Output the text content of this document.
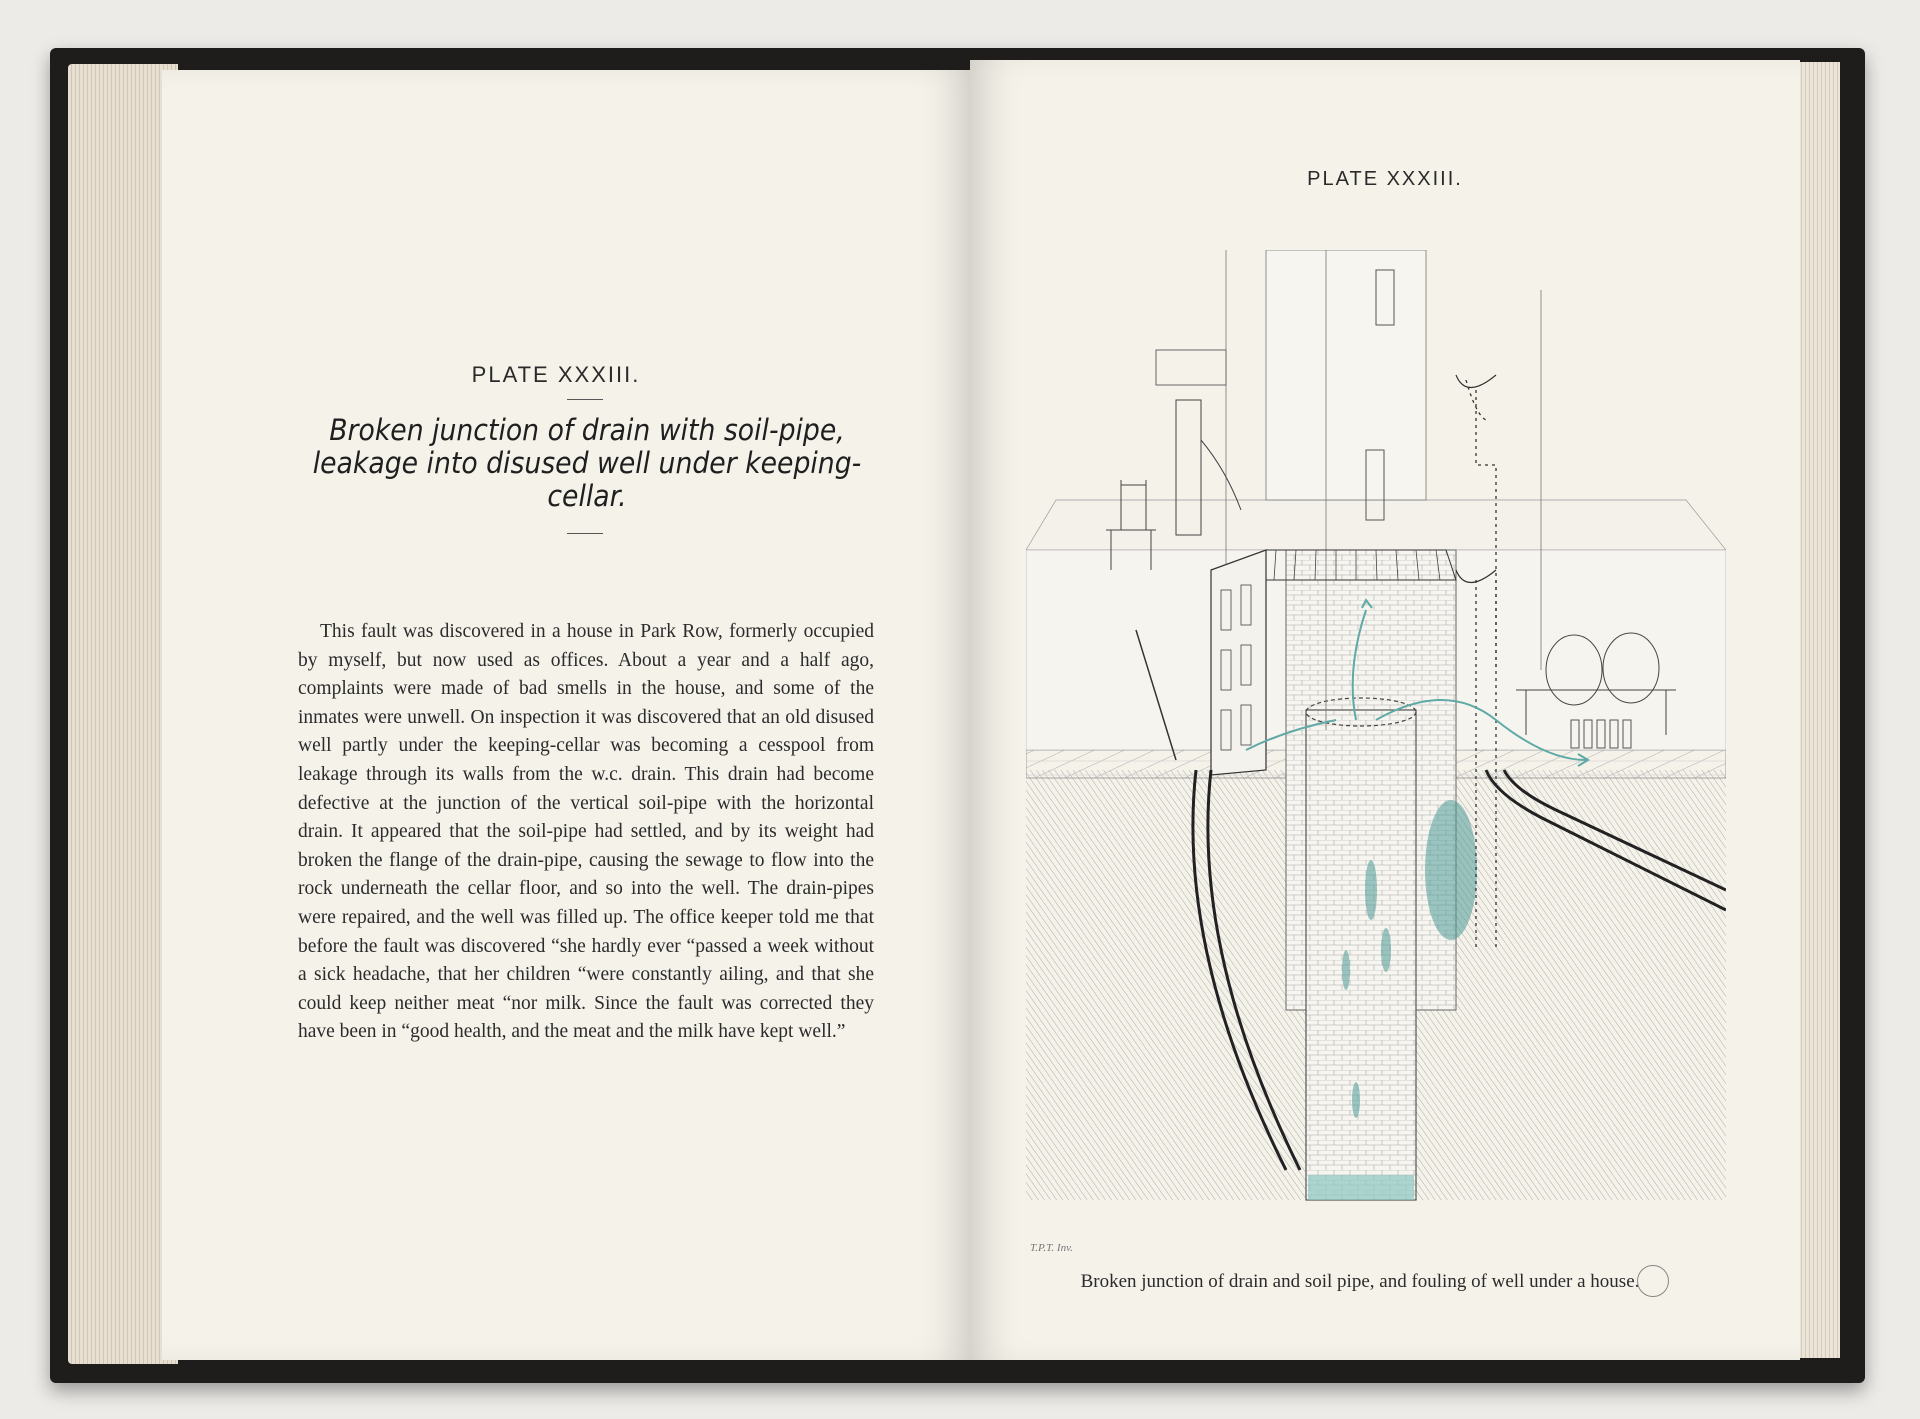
PLATE XXXIII.
Broken junction of drain with soil-pipe, leakage into disused well under keeping-cellar.

This fault was discovered in a house in Park Row, formerly occupied by myself, but now used as offices. About a year and a half ago, complaints were made of bad smells in the house, and some of the inmates were unwell. On inspection it was discovered that an old disused well partly under the keeping-cellar was becoming a cesspool from leakage through its walls from the w.c. drain. This drain had become defective at the junction of the vertical soil-pipe with the horizontal drain. It appeared that the soil-pipe had settled, and by its weight had broken the flange of the drain-pipe, causing the sewage to flow into the rock underneath the cellar floor, and so into the well. The drain-pipes were repaired, and the well was filled up. The office keeper told me that before the fault was discovered “she hardly ever “passed a week without a sick headache, that her children “were constantly ailing, and that she could keep neither meat “nor milk. Since the fault was corrected they have been in “good health, and the meat and the milk have kept well.”

PLATE XXXIII.
T.P.T. Inv.
Broken junction of drain and soil pipe, and fouling of well under a house.
